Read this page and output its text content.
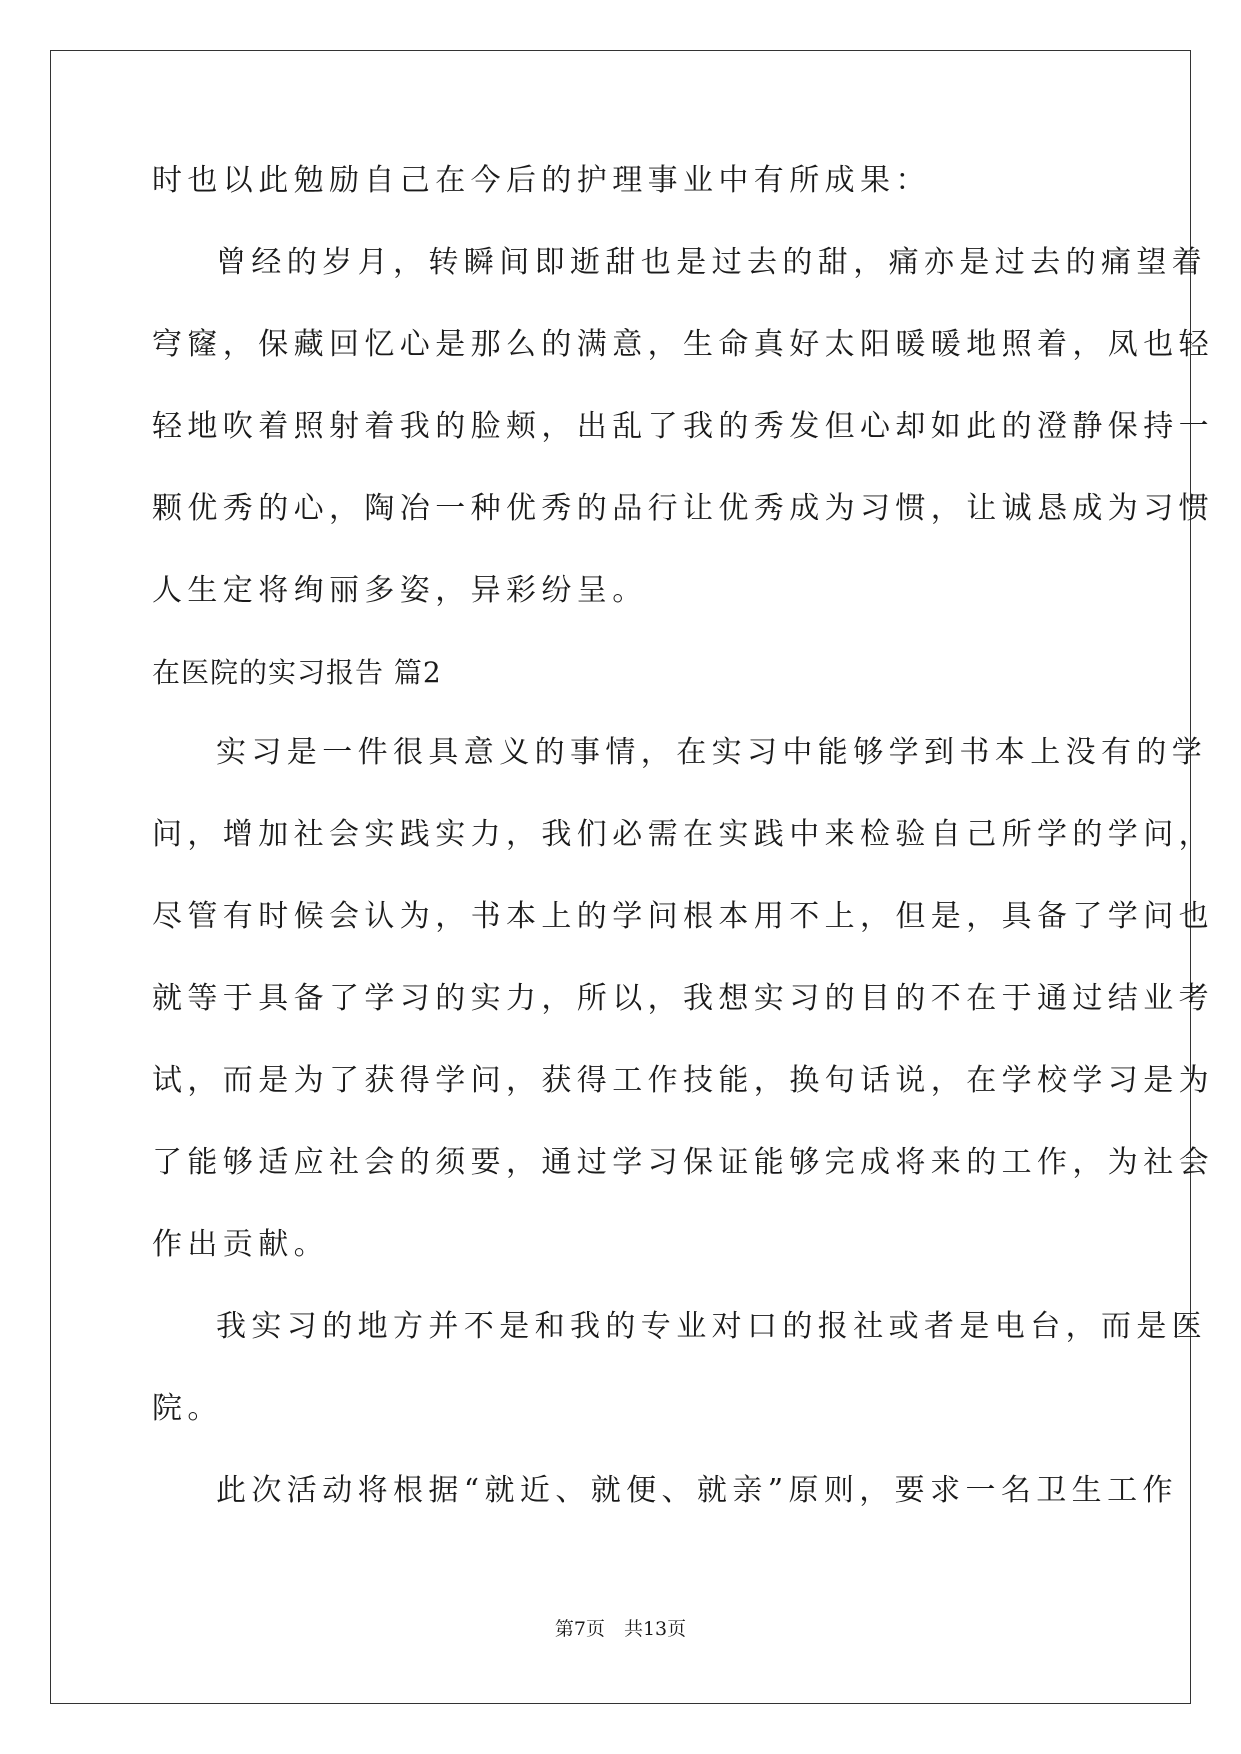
时也以此勉励自己在今后的护理事业中有所成果：
曾经的岁月，转瞬间即逝甜也是过去的甜，痛亦是过去的痛望着
穹窿，保藏回忆心是那么的满意，生命真好太阳暖暖地照着，凤也轻
轻地吹着照射着我的脸颊，出乱了我的秀发但心却如此的澄静保持一
颗优秀的心，陶冶一种优秀的品行让优秀成为习惯，让诚恳成为习惯
人生定将绚丽多姿，异彩纷呈。
在医院的实习报告 篇2
实习是一件很具意义的事情，在实习中能够学到书本上没有的学
问，增加社会实践实力，我们必需在实践中来检验自己所学的学问，
尽管有时候会认为，书本上的学问根本用不上，但是，具备了学问也
就等于具备了学习的实力，所以，我想实习的目的不在于通过结业考
试，而是为了获得学问，获得工作技能，换句话说，在学校学习是为
了能够适应社会的须要，通过学习保证能够完成将来的工作，为社会
作出贡献。
我实习的地方并不是和我的专业对口的报社或者是电台，而是医
院。
此次活动将根据“就近、就便、就亲”原则，要求一名卫生工作
第7页　共13页
